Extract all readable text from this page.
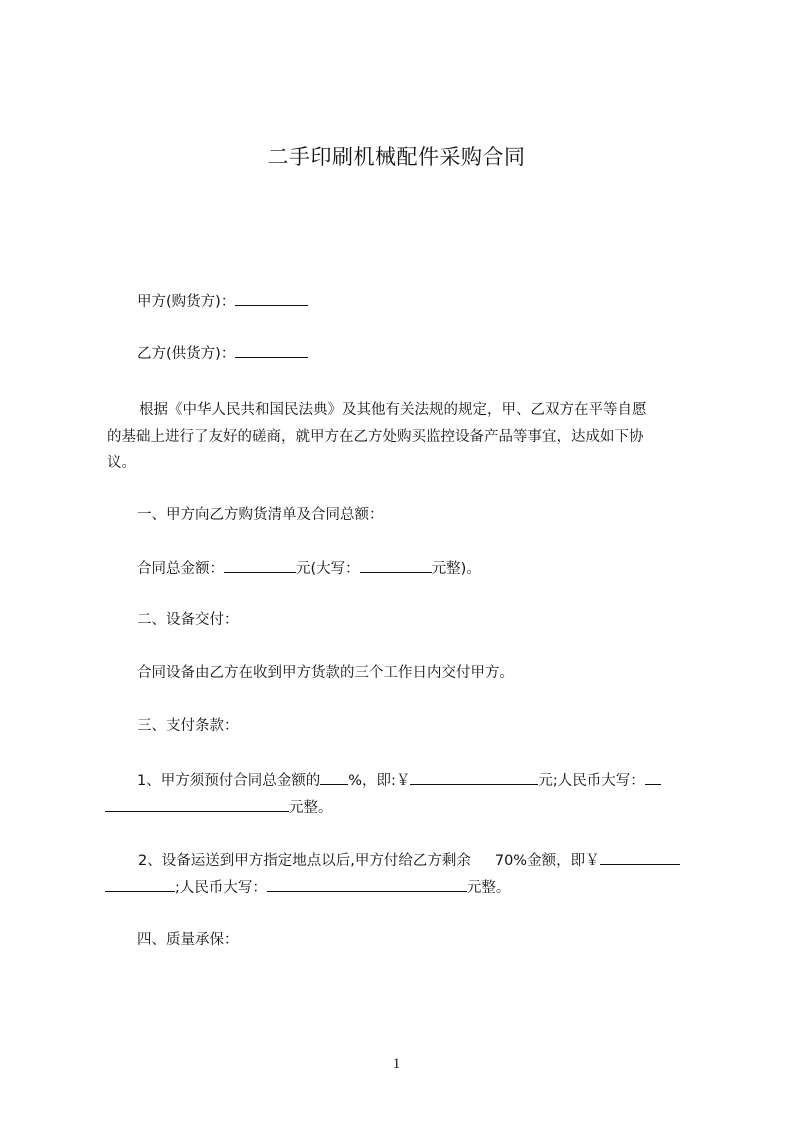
二手印刷机械配件采购合同
甲方(购货方)：
乙方(供货方)：
根据《中华人民共和国民法典》及其他有关法规的规定，甲、乙双方在平等自愿
的基础上进行了友好的磋商，就甲方在乙方处购买监控设备产品等事宜，达成如下协
议。
一、甲方向乙方购货清单及合同总额：
合同总金额：	元(大写：	元整)。
二、设备交付：
合同设备由乙方在收到甲方货款的三个工作日内交付甲方。
三、支付条款：
1、甲方须预付合同总金额的 %，即:￥	元;人民币大写：
元整。
2、设备运送到甲方指定地点以后,甲方付给乙方剩余 70%金额，即￥
;人民币大写：	元整。
四、质量承保：
1
